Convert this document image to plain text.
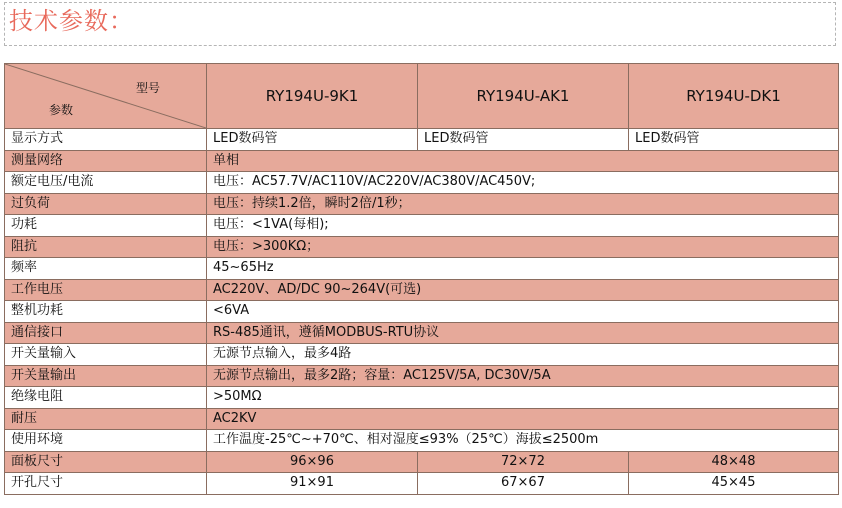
技术参数：
型号
参数	RY194U-9K1	RY194U-AK1	RY194U-DK1
显示方式	LED数码管	LED数码管	LED数码管
测量网络	单相		
额定电压/电流	电压：AC57.7V/AC110V/AC220V/AC380V/AC450V;		
过负荷	电压：持续1.2倍，瞬时2倍/1秒；		
功耗	电压：<1VA(每相);		
阻抗	电压：>300KΩ；		
频率	45~65Hz		
工作电压	AC220V、AD/DC 90~264V(可选)		
整机功耗	<6VA		
通信接口	RS-485通讯，遵循MODBUS-RTU协议		
开关量输入	无源节点输入，最多4路		
开关量输出	无源节点输出，最多2路；容量：AC125V/5A, DC30V/5A		
绝缘电阻	>50MΩ		
耐压	AC2KV		
使用环境	工作温度-25℃~+70℃、相对湿度≤93%（25℃）海拔≤2500m		
面板尺寸	96×96	72×72	48×48
开孔尺寸	91×91	67×67	45×45
